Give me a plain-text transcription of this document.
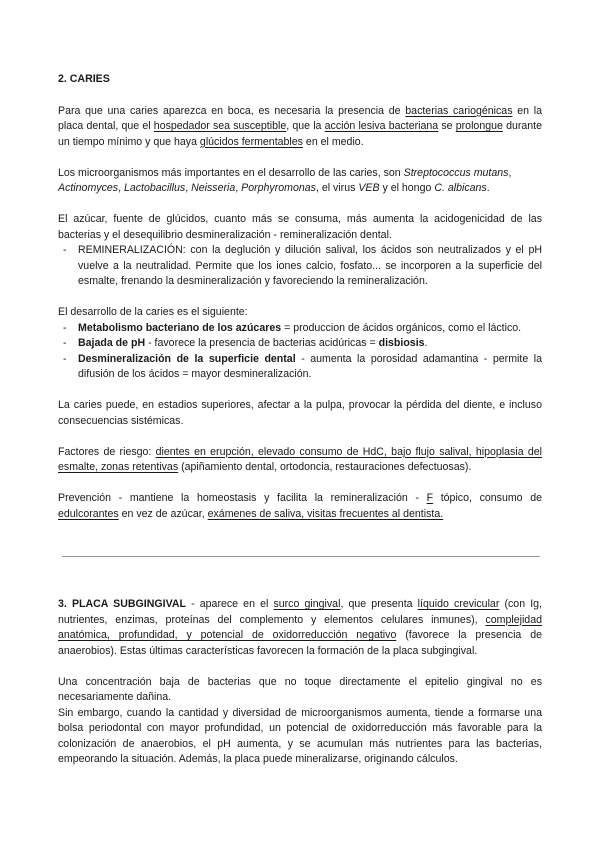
2. CARIES

Para que una caries aparezca en boca, es necesaria la presencia de bacterias cariogénicas en la placa dental, que el hospedador sea susceptible, que la acción lesiva bacteriana se prolongue durante un tiempo mínimo y que haya glúcidos fermentables en el medio.

Los microorganismos más importantes en el desarrollo de las caries, son Streptococcus mutans, Actinomyces, Lactobacillus, Neisseria, Porphyromonas, el virus VEB y el hongo C. albicans.

El azúcar, fuente de glúcidos, cuanto más se consuma, más aumenta la acidogenicidad de las bacterias y el desequilibrio desmineralización - remineralización dental.

- REMINERALIZACIÓN: con la deglución y dilución salival, los ácidos son neutralizados y el pH vuelve a la neutralidad. Permite que los iones calcio, fosfato... se incorporen a la superficie del esmalte, frenando la desmineralización y favoreciendo la remineralización.

El desarrollo de la caries es el siguiente:

- Metabolismo bacteriano de los azúcares = produccion de ácidos orgánicos, como el láctico.
- Bajada de pH - favorece la presencia de bacterias acidúricas = disbiosis.
- Desmineralización de la superficie dental - aumenta la porosidad adamantina - permite la difusión de los ácidos = mayor desmineralización.

La caries puede, en estadios superiores, afectar a la pulpa, provocar la pérdida del diente, e incluso consecuencias sistémicas.

Factores de riesgo: dientes en erupción, elevado consumo de HdC, bajo flujo salival, hipoplasia del esmalte, zonas retentivas (apiñamiento dental, ortodoncia, restauraciones defectuosas).

Prevención - mantiene la homeostasis y facilita la remineralización - F tópico, consumo de edulcorantes en vez de azúcar, exámenes de saliva, visitas frecuentes al dentista.

3. PLACA SUBGINGIVAL - aparece en el surco gingival, que presenta líquido crevicular (con Ig, nutrientes, enzimas, proteínas del complemento y elementos celulares inmunes), complejidad anatómica, profundidad, y potencial de oxidorreducción negativo (favorece la presencia de anaerobios). Estas últimas características favorecen la formación de la placa subgingival.

Una concentración baja de bacterias que no toque directamente el epitelio gingival no es necesariamente dañina.

Sin embargo, cuando la cantidad y diversidad de microorganismos aumenta, tiende a formarse una bolsa periodontal con mayor profundidad, un potencial de oxidorreducción más favorable para la colonización de anaerobios, el pH aumenta, y se acumulan más nutrientes para las bacterias, empeorando la situación. Además, la placa puede mineralizarse, originando cálculos.
